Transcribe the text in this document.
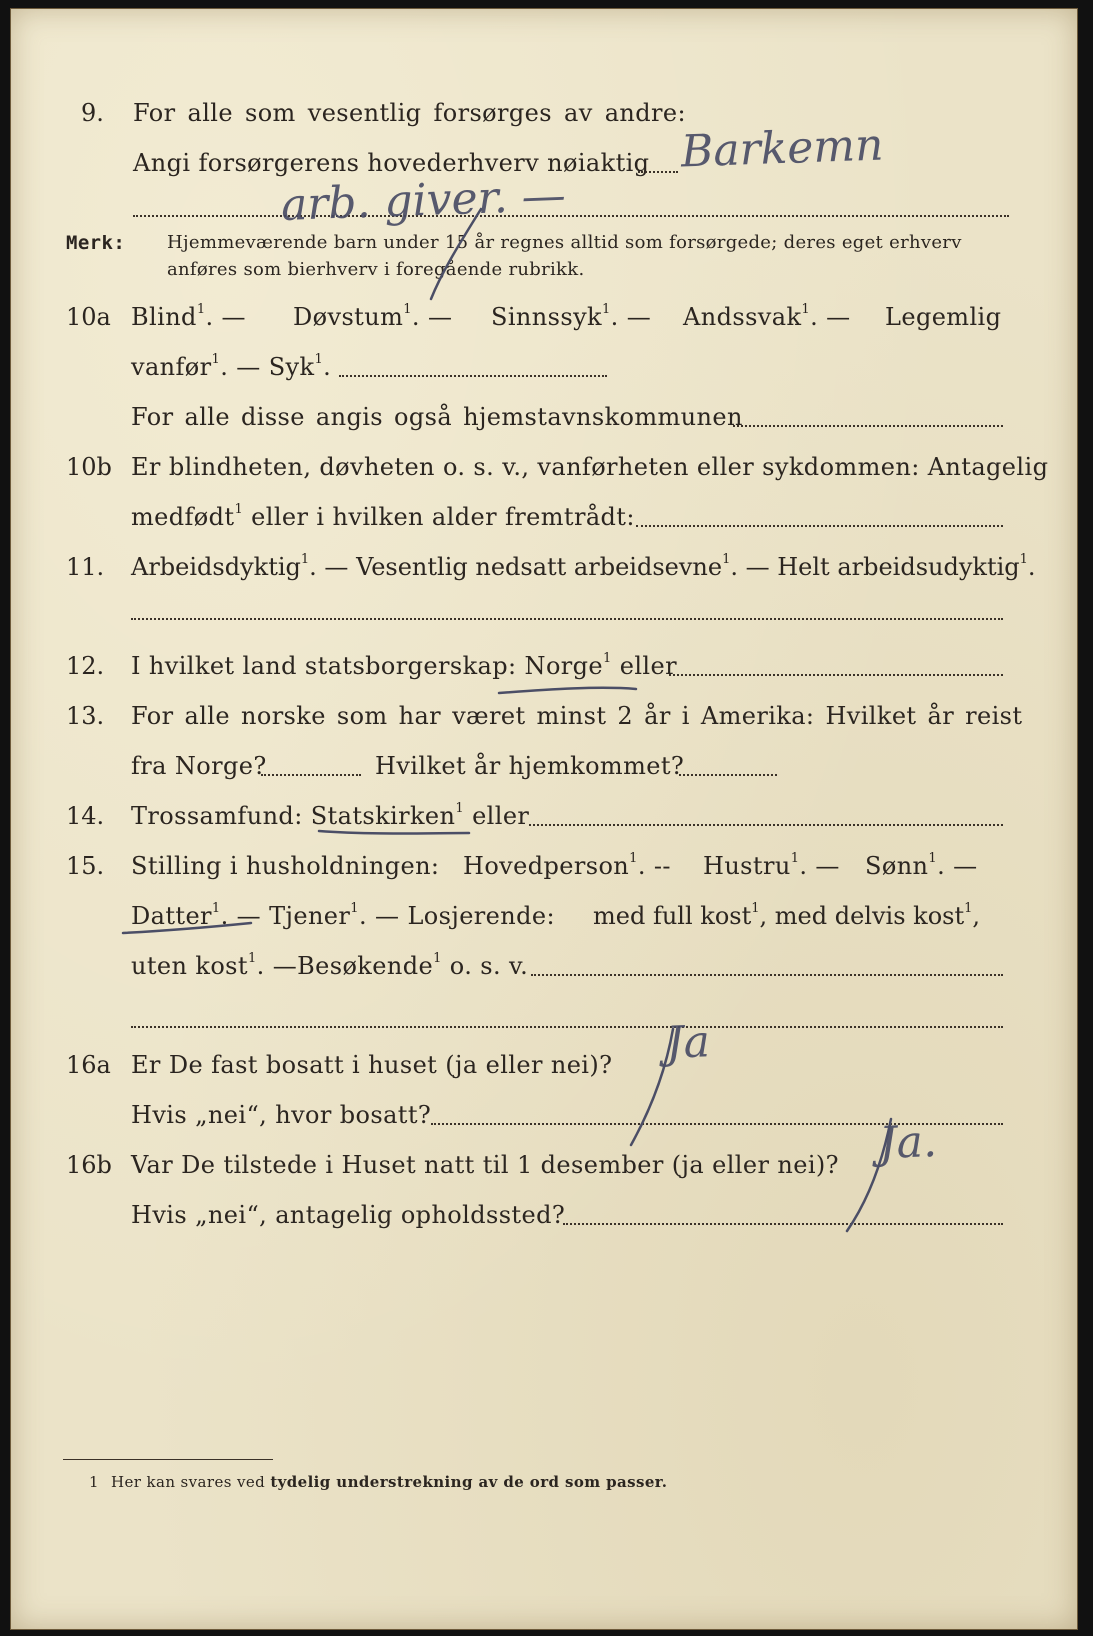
9. For alle som vesentlig forsørges av andre:
Angi forsørgerens hovederhverv nøiaktig Barkemn
arb. giver. —
Merk: Hjemmeværende barn under 15 år regnes alltid som forsørgede; deres eget erhverv
anføres som bierhverv i foregående rubrikk.
10a Blind$^1$. — Døvstum$^1$. — Sinnssyk$^1$. — Andssvak$^1$. — Legemlig
vanfør$^1$. — Syk$^1$.
For alle disse angis også hjemstavnskommunen
10b Er blindheten, døvheten o. s. v., vanførheten eller sykdommen: Antagelig
medfødt$^1$ eller i hvilken alder fremtrådt:
11. Arbeidsdyktig$^1$. — Vesentlig nedsatt arbeidsevne$^1$. — Helt arbeidsudyktig$^1$.
12. I hvilket land statsborgerskap: Norge$^1$ eller
13. For alle norske som har været minst 2 år i Amerika: Hvilket år reist
fra Norge?	Hvilket år hjemkommet?
14. Trossamfund: Statskirken$^1$ eller
15. Stilling i husholdningen: Hovedperson$^1$. -- Hustru$^1$. — Sønn$^1$. —
Datter$^1$. — Tjener$^1$. — Losjerende: med full kost$^1$, med delvis kost$^1$,
uten kost$^1$. —Besøkende$^1$ o. s. v.
16a Er De fast bosatt i huset (ja eller nei)? Ja
Hvis „nei“, hvor bosatt?
16b Var De tilstede i Huset natt til 1 desember (ja eller nei)? Ja.
Hvis „nei“, antagelig opholdssted?
1 Her kan svares ved tydelig understrekning av de ord som passer.
